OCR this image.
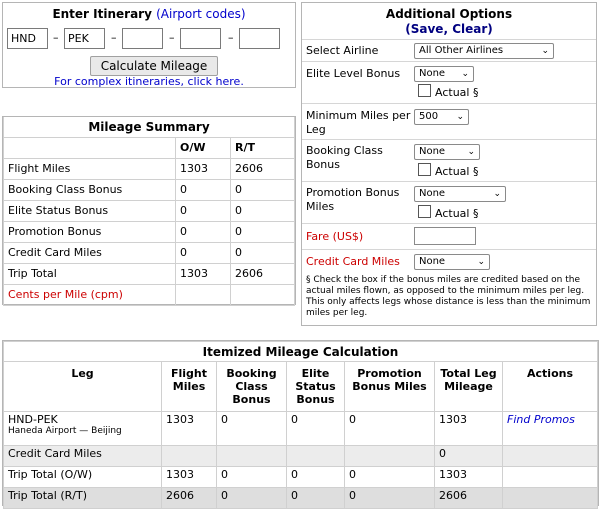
Enter Itinerary (Airport codes)
HND
–
PEK	–	–	–
Calculate Mileage
For complex itineraries, click here.
Mileage Summary		
	O/W	R/T
Flight Miles	1303	2606
Booking Class Bonus	0	0
Elite Status Bonus	0	0
Promotion Bonus	0	0
Credit Card Miles	0	0
Trip Total	1303	2606
Cents per Mile (cpm)		
Additional Options
(Save, Clear)
Select Airline	All Other Airlines	⌄
Elite Level Bonus	None ⌄
Actual §
Minimum Miles per Leg
500 ⌄
Booking Class Bonus
None ⌄
Actual §
Promotion Bonus Miles
None	⌄
Actual §
Fare (US$)
Credit Card Miles	None	⌄
§ Check the box if the bonus miles are credited based on the actual miles flown, as opposed to the minimum miles per leg. This only affects legs whose distance is less than the minimum miles per leg.
Itemized Mileage Calculation						
Leg	Flight Miles	Booking Class Bonus	Elite Status Bonus	Promotion Bonus Miles	Total Leg Mileage	Actions

HND-PEK
Haneda Airport — Beijing	1303	0	0	0	1303	Find Promos
Credit Card Miles					0	
Trip Total (O/W)	1303	0	0	0	1303	
Trip Total (R/T)	2606	0	0	0	2606	
